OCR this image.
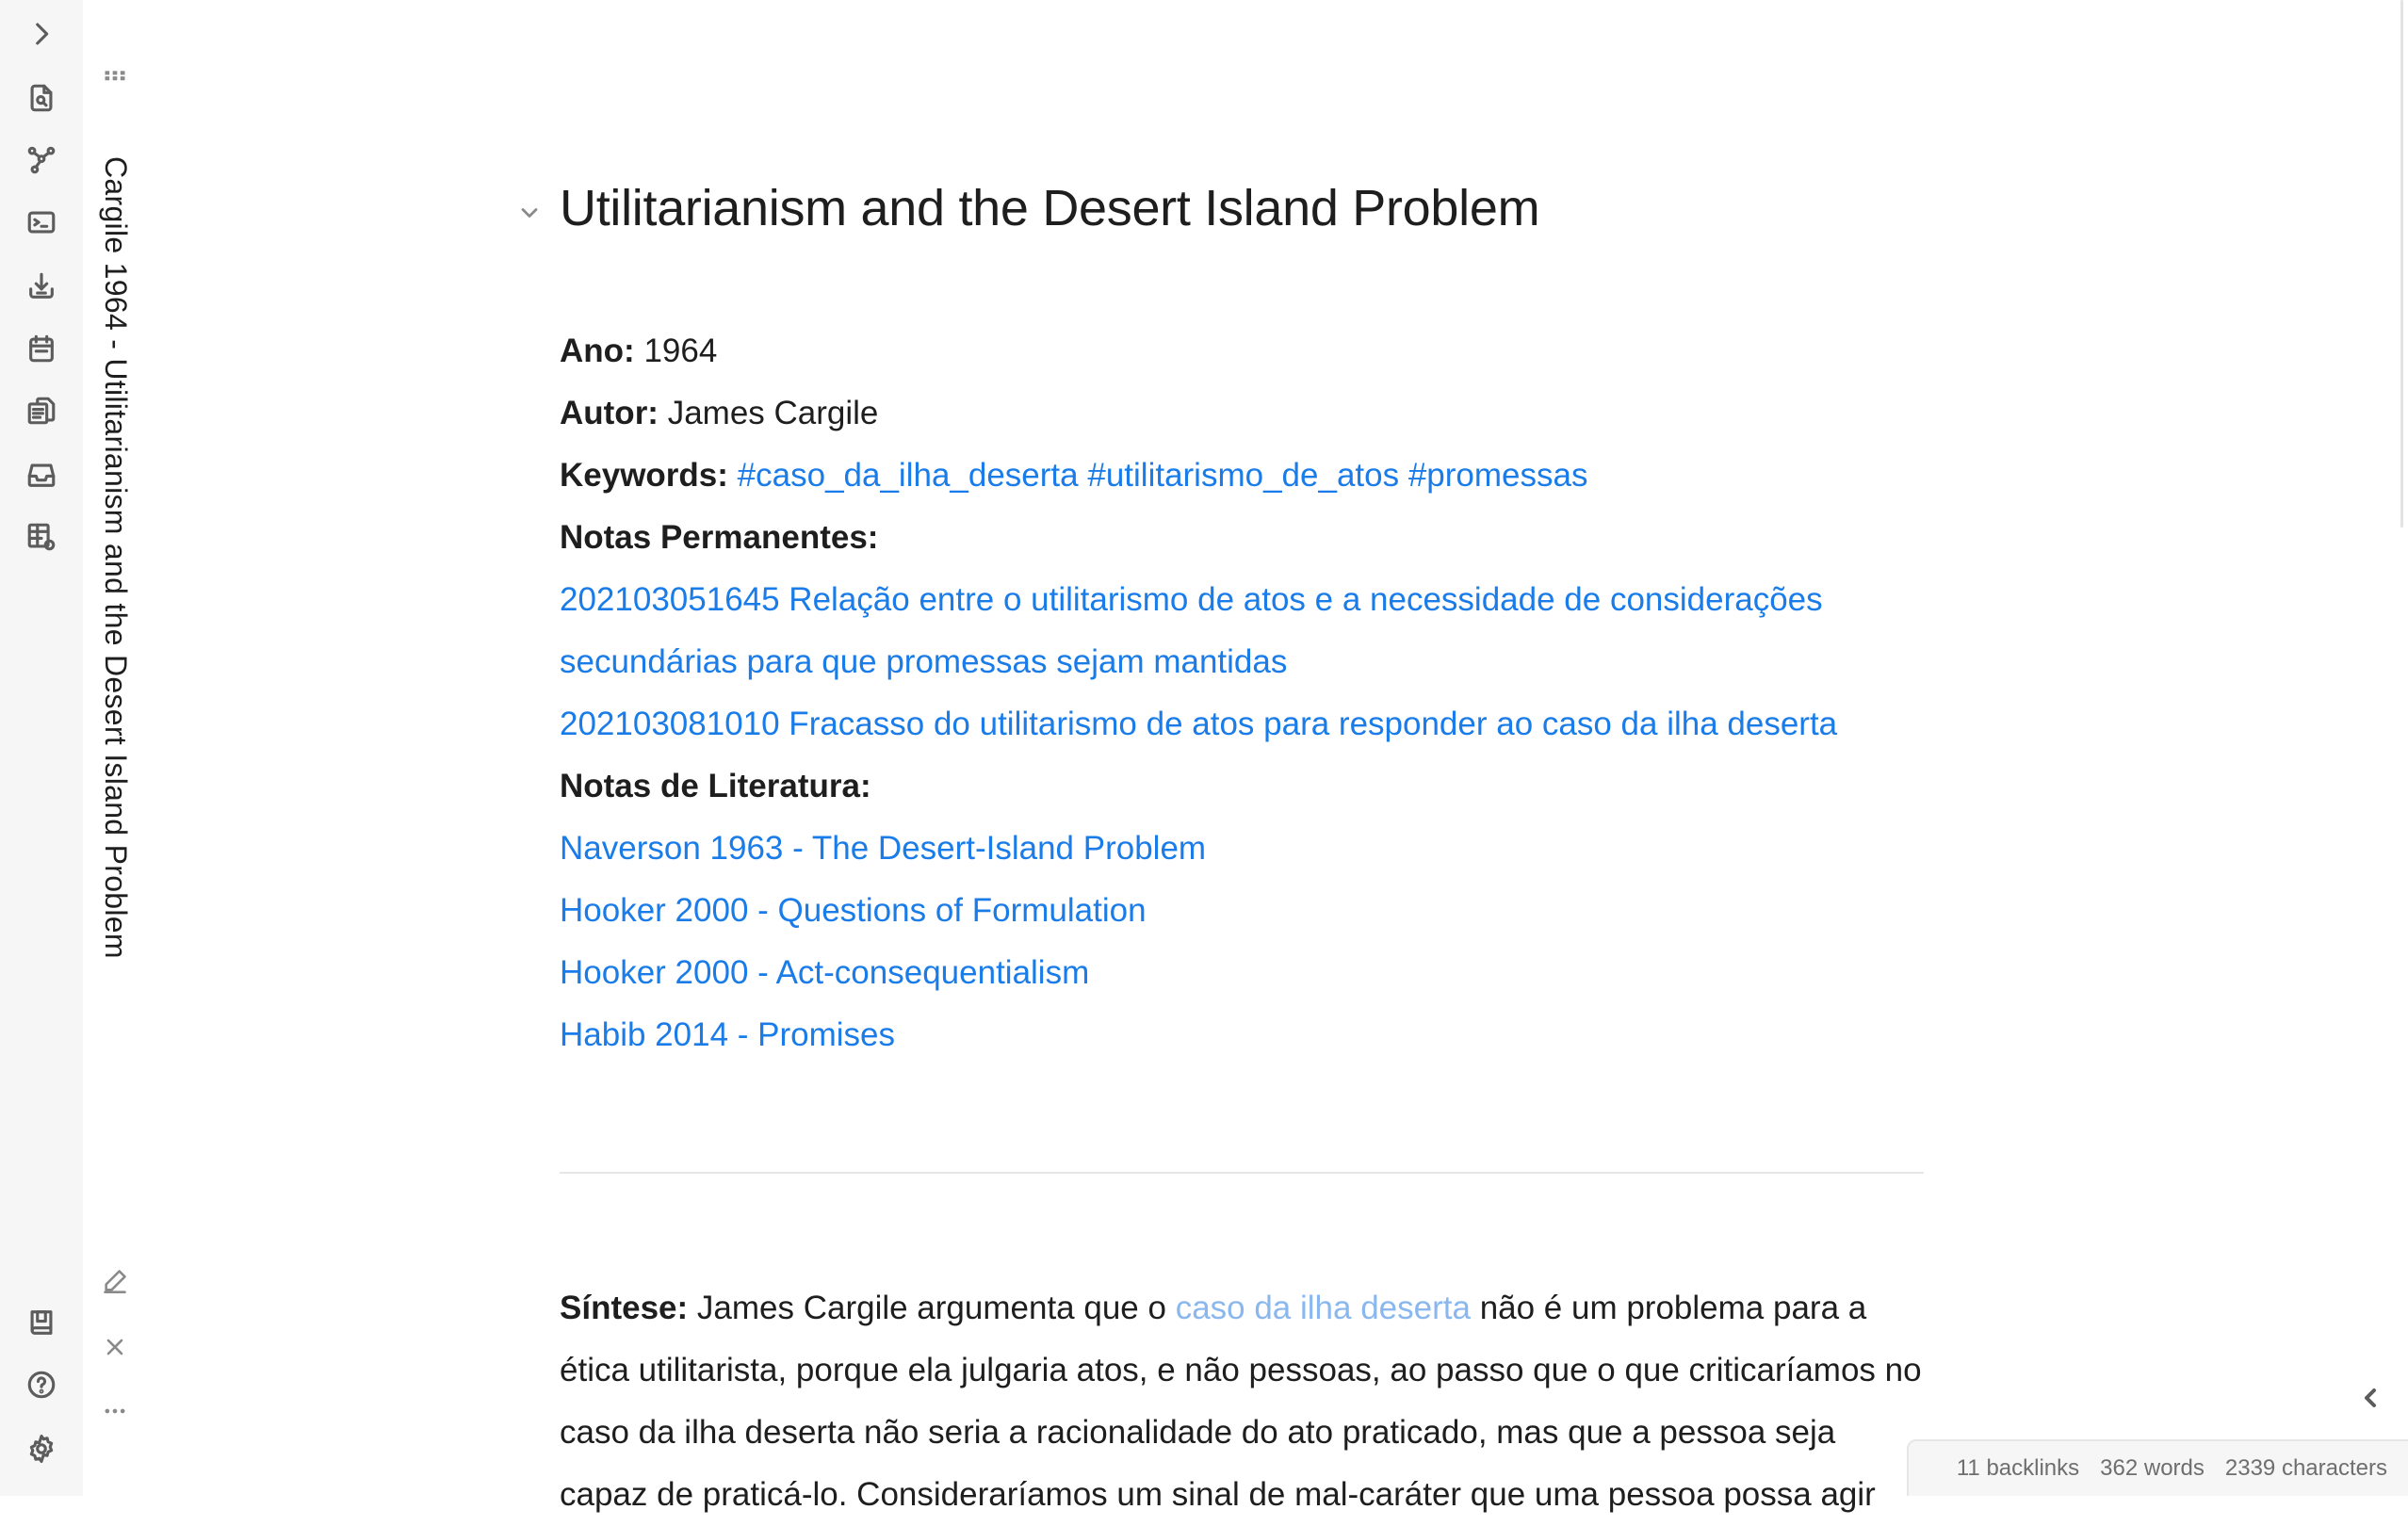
Cargile 1964 - Utilitarianism and the Desert Island Problem	Utilitarianism and the Desert Island Problem
Ano: 1964
Autor: James Cargile
Keywords: #caso_da_ilha_deserta #utilitarismo_de_atos #promessas
Notas Permanentes:
202103051645 Relação entre o utilitarismo de atos e a necessidade de considerações
secundárias para que promessas sejam mantidas
202103081010 Fracasso do utilitarismo de atos para responder ao caso da ilha deserta
Notas de Literatura:
Naverson 1963 - The Desert-Island Problem
Hooker 2000 - Questions of Formulation
Hooker 2000 - Act-consequentialism
Habib 2014 - Promises
Síntese: James Cargile argumenta que o caso da ilha deserta não é um problema para a
ética utilitarista, porque ela julgaria atos, e não pessoas, ao passo que o que criticaríamos no
caso da ilha deserta não seria a racionalidade do ato praticado, mas que a pessoa seja
capaz de praticá-lo. Consideraríamos um sinal de mal-caráter que uma pessoa possa agir
11 backlinks 362 words 2339 characters
